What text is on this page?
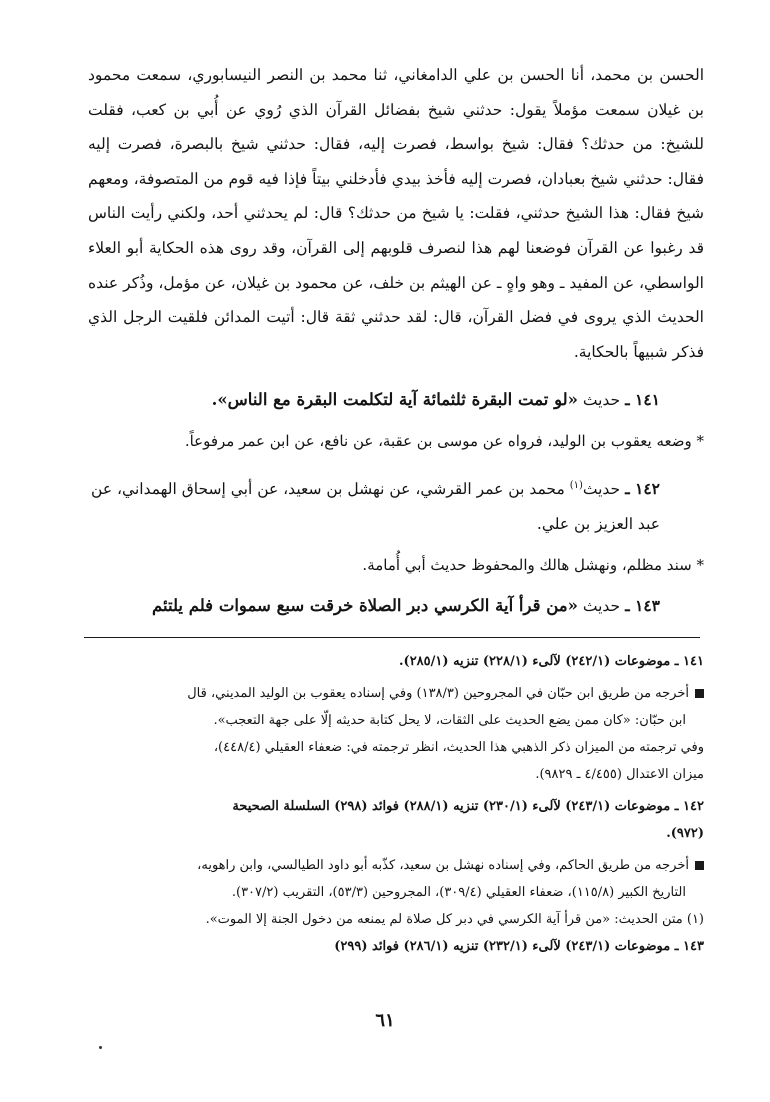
الحسن بن محمد، أنا الحسن بن علي الدامغاني، ثنا محمد بن النصر النيسابوري، سمعت محمود بن غيلان سمعت مؤملاً يقول: حدثني شيخ بفضائل القرآن الذي رُوي عن أُبي بن كعب، فقلت للشيخ: من حدثك؟ فقال: شيخ بواسط، فصرت إليه، فقال: حدثني شيخ بالبصرة، فصرت إليه فقال: حدثني شيخ بعبادان، فصرت إليه فأخذ بيدي فأدخلني بيتاً فإذا فيه قوم من المتصوفة، ومعهم شيخ فقال: هذا الشيخ حدثني، فقلت: يا شيخ من حدثك؟ قال: لم يحدثني أحد، ولكني رأيت الناس قد رغبوا عن القرآن فوضعنا لهم هذا لنصرف قلوبهم إلى القرآن، وقد روى هذه الحكاية أبو العلاء الواسطي، عن المفيد ـ وهو واهٍ ـ عن الهيثم بن خلف، عن محمود بن غيلان، عن مؤمل، وذُكر عنده الحديث الذي يروى في فضل القرآن، قال: لقد حدثني ثقة قال: أتيت المدائن فلقيت الرجل الذي فذكر شبيهاً بالحكاية.

١٤١ ـ حديث «لو تمت البقرة ثلثمائة آية لتكلمت البقرة مع الناس».

* وضعه يعقوب بن الوليد، فرواه عن موسى بن عقبة، عن نافع، عن ابن عمر مرفوعاً.

١٤٢ ـ حديث$^{(١)}$ محمد بن عمر القرشي، عن نهشل بن سعيد، عن أبي إسحاق الهمداني، عن عبد العزيز بن علي.

* سند مظلم، ونهشل هالك والمحفوظ حديث أبي أُمامة.

١٤٣ ـ حديث «من قرأ آية الكرسي دبر الصلاة خرقت سبع سموات فلم يلتئم

١٤١ ـ موضوعات (٢٤٢/١) لآلىء (٢٢٨/١) تنزيه (٢٨٥/١).

أخرجه من طريق ابن حبّان في المجروحين (١٣٨/٣) وفي إسناده يعقوب بن الوليد المديني، قال

ابن حبّان: «كان ممن يضع الحديث على الثقات، لا يحل كتابة حديثه إلّا على جهة التعجب».

وفي ترجمته من الميزان ذكر الذهبي هذا الحديث، انظر ترجمته في: ضعفاء العقيلي (٤٤٨/٤)،

ميزان الاعتدال (٤/٤٥٥ ـ ٩٨٢٩).

١٤٢ ـ موضوعات (٢٤٣/١) لآلىء (٢٣٠/١) تنزيه (٢٨٨/١) فوائد (٢٩٨) السلسلة الصحيحة

(٩٧٢).

أخرجه من طريق الحاكم، وفي إسناده نهشل بن سعيد، كذّبه أبو داود الطيالسي، وابن راهويه،

التاريخ الكبير (١١٥/٨)، ضعفاء العقيلي (٣٠٩/٤)، المجروحين (٥٣/٣)، التقريب (٣٠٧/٢).

(١) متن الحديث: «من قرأ آية الكرسي في دبر كل صلاة لم يمنعه من دخول الجنة إلا الموت».

١٤٣ ـ موضوعات (٢٤٣/١) لآلىء (٢٣٢/١) تنزيه (٢٨٦/١) فوائد (٢٩٩)

٦١
